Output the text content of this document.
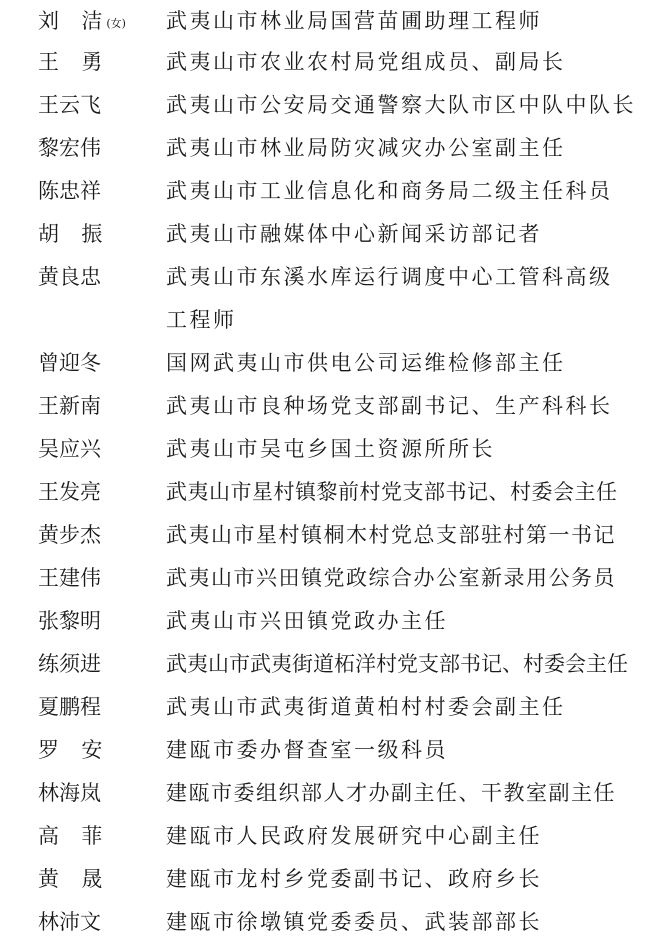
刘  洁(女)	武夷山市林业局国营苗圃助理工程师
王  勇	武夷山市农业农村局党组成员、副局长
王云飞	武夷山市公安局交通警察大队市区中队中队长
黎宏伟	武夷山市林业局防灾减灾办公室副主任
陈忠祥	武夷山市工业信息化和商务局二级主任科员
胡  振	武夷山市融媒体中心新闻采访部记者
黄良忠	武夷山市东溪水库运行调度中心工管科高级
工程师
曾迎冬	国网武夷山市供电公司运维检修部主任
王新南	武夷山市良种场党支部副书记、生产科科长
吴应兴	武夷山市吴屯乡国土资源所所长
王发亮	武夷山市星村镇黎前村党支部书记、村委会主任
黄步杰	武夷山市星村镇桐木村党总支部驻村第一书记
王建伟	武夷山市兴田镇党政综合办公室新录用公务员
张黎明	武夷山市兴田镇党政办主任
练须进	武夷山市武夷街道柘洋村党支部书记、村委会主任
夏鹏程	武夷山市武夷街道黄柏村村委会副主任
罗  安	建瓯市委办督查室一级科员
林海岚	建瓯市委组织部人才办副主任、干教室副主任
高  菲	建瓯市人民政府发展研究中心副主任
黄  晟	建瓯市龙村乡党委副书记、政府乡长
林沛文	建瓯市徐墩镇党委委员、武装部部长
